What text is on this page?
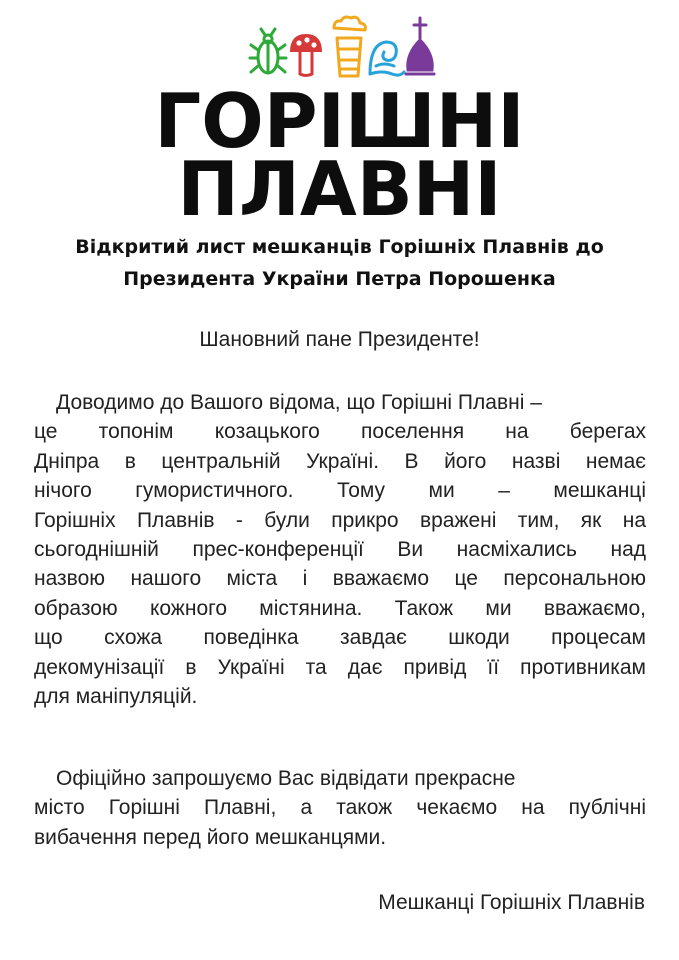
ГОРІШНІ
ПЛАВНІ
Відкритий лист мешканців Горішніх Плавнів до
Президента України Петра Порошенка
Шановний пане Президенте!
Доводимо до Вашого відома, що Горішні Плавні –
це топонім козацького поселення на берегах
Дніпра в центральній Україні. В його назві немає
нічого гумористичного. Тому ми – мешканці
Горішніх Плавнів - були прикро вражені тим, як на
сьогоднішній прес-конференції Ви насміхались над
назвою нашого міста і вважаємо це персональною
образою кожного містянина. Також ми вважаємо,
що схожа поведінка завдає шкоди процесам
декомунізації в Україні та дає привід її противникам
для маніпуляцій.
Офіційно запрошуємо Вас відвідати прекрасне
місто Горішні Плавні, а також чекаємо на публічні
вибачення перед його мешканцями.
Мешканці Горішніх Плавнів
